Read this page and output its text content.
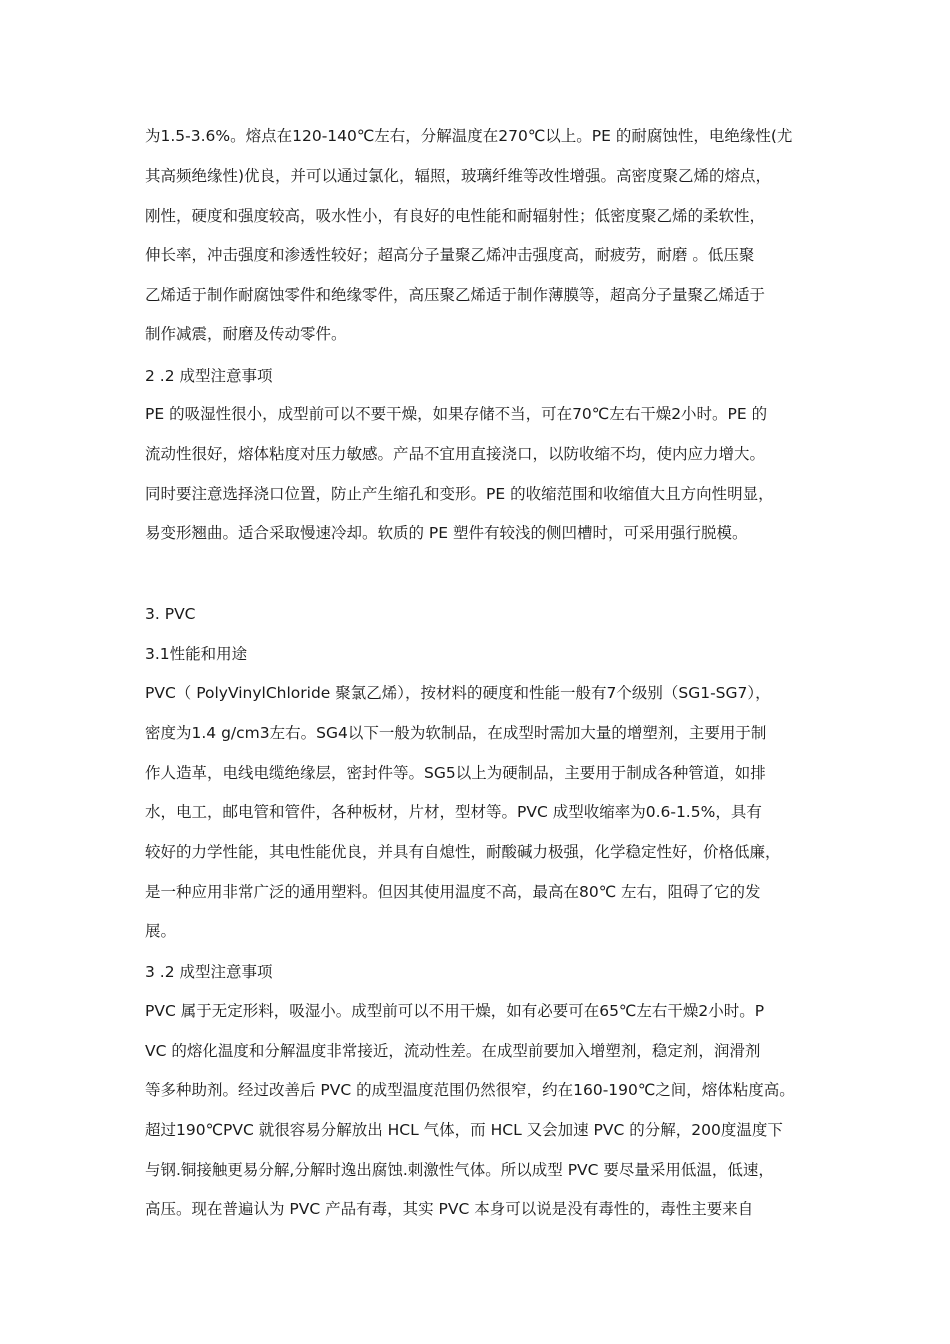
为1.5-3.6%。熔点在120-140℃左右，分解温度在270℃以上。PE 的耐腐蚀性，电绝缘性(尤
其高频绝缘性)优良，并可以通过氯化，辐照，玻璃纤维等改性增强。高密度聚乙烯的熔点，
刚性，硬度和强度较高，吸水性小，有良好的电性能和耐辐射性；低密度聚乙烯的柔软性，
伸长率，冲击强度和渗透性较好；超高分子量聚乙烯冲击强度高，耐疲劳，耐磨 。低压聚
乙烯适于制作耐腐蚀零件和绝缘零件，高压聚乙烯适于制作薄膜等，超高分子量聚乙烯适于
制作减震，耐磨及传动零件。
2 .2 成型注意事项
PE 的吸湿性很小，成型前可以不要干燥，如果存储不当，可在70℃左右干燥2小时。PE 的
流动性很好，熔体粘度对压力敏感。产品不宜用直接浇口，以防收缩不均，使内应力增大。
同时要注意选择浇口位置，防止产生缩孔和变形。PE 的收缩范围和收缩值大且方向性明显，
易变形翘曲。适合采取慢速冷却。软质的 PE 塑件有较浅的侧凹槽时，可采用强行脱模。
3. PVC
3.1性能和用途
PVC（ PolyVinylChloride 聚氯乙烯），按材料的硬度和性能一般有7个级别（SG1-SG7），
密度为1.4 g/cm3左右。SG4以下一般为软制品，在成型时需加大量的增塑剂，主要用于制
作人造革，电线电缆绝缘层，密封件等。SG5以上为硬制品，主要用于制成各种管道，如排
水，电工，邮电管和管件，各种板材，片材，型材等。PVC 成型收缩率为0.6-1.5%，具有
较好的力学性能，其电性能优良，并具有自熄性，耐酸碱力极强，化学稳定性好，价格低廉，
是一种应用非常广泛的通用塑料。但因其使用温度不高，最高在80℃ 左右，阻碍了它的发
展。
3 .2 成型注意事项
PVC 属于无定形料，吸湿小。成型前可以不用干燥，如有必要可在65℃左右干燥2小时。P
VC 的熔化温度和分解温度非常接近，流动性差。在成型前要加入增塑剂，稳定剂，润滑剂
等多种助剂。经过改善后 PVC 的成型温度范围仍然很窄，约在160-190℃之间，熔体粘度高。
超过190℃PVC 就很容易分解放出 HCL 气体，而 HCL 又会加速 PVC 的分解，200度温度下
与钢.铜接触更易分解,分解时逸出腐蚀.刺激性气体。所以成型 PVC 要尽量采用低温，低速，
高压。现在普遍认为 PVC 产品有毒，其实 PVC 本身可以说是没有毒性的，毒性主要来自
